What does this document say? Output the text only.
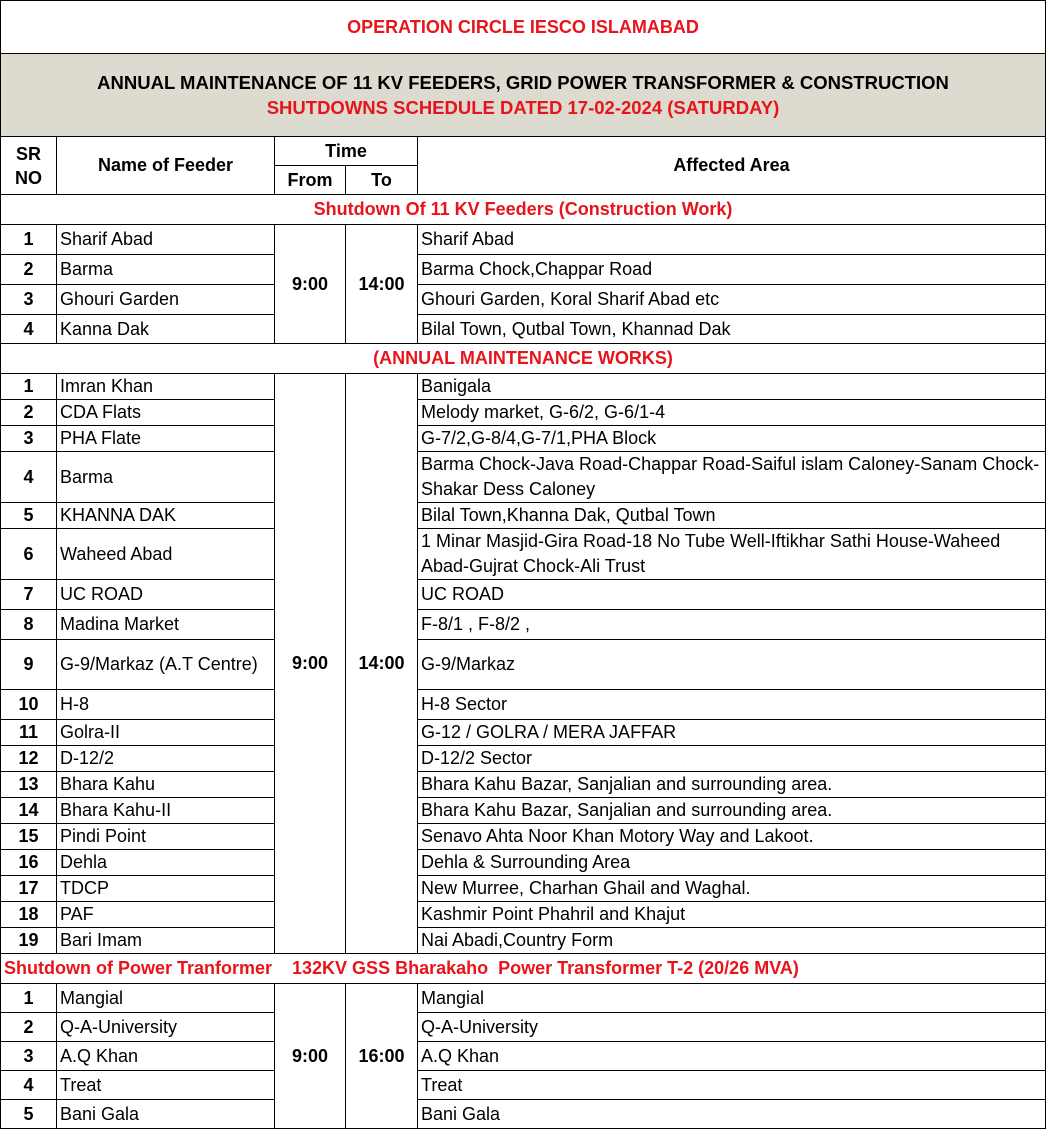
OPERATION CIRCLE IESCO ISLAMABAD				

ANNUAL MAINTENANCE OF 11 KV FEEDERS, GRID POWER TRANSFORMER & CONSTRUCTION
SHUTDOWNS SCHEDULE DATED 17-02-2024 (SATURDAY)				

SR
NO	Name of Feeder	Time		Affected Area
		From	To	
Shutdown Of 11 KV Feeders (Construction Work)				
1	Sharif Abad	9:00	14:00	Sharif Abad
2	Barma			Barma Chock,Chappar Road
3	Ghouri Garden			Ghouri Garden, Koral Sharif Abad etc
4	Kanna Dak			Bilal Town, Qutbal Town, Khannad Dak
(ANNUAL MAINTENANCE WORKS)				
1	Imran Khan	9:00	14:00	Banigala
2	CDA Flats			Melody market, G-6/2, G-6/1-4
3	PHA Flate			G-7/2,G-8/4,G-7/1,PHA Block
4	Barma			Barma Chock-Java Road-Chappar Road-Saiful islam Caloney-Sanam Chock-Shakar Dess Caloney
5	KHANNA DAK			Bilal Town,Khanna Dak, Qutbal Town
6	Waheed Abad			1 Minar Masjid-Gira Road-18 No Tube Well-Iftikhar Sathi House-Waheed Abad-Gujrat Chock-Ali Trust
7	UC ROAD			UC ROAD
8	Madina Market			F-8/1 , F-8/2 ,
9	G-9/Markaz (A.T Centre)			G-9/Markaz
10	H-8			H-8 Sector
11	Golra-II			G-12 / GOLRA / MERA JAFFAR
12	D-12/2			D-12/2 Sector
13	Bhara Kahu			Bhara Kahu Bazar, Sanjalian and surrounding area.
14	Bhara Kahu-II			Bhara Kahu Bazar, Sanjalian and surrounding area.
15	Pindi Point			Senavo Ahta Noor Khan Motory Way and Lakoot.
16	Dehla			Dehla & Surrounding Area
17	TDCP			New Murree, Charhan Ghail and Waghal.
18	PAF			Kashmir Point Phahril and Khajut
19	Bari Imam			Nai Abadi,Country Form
Shutdown of Power Tranformer    132KV GSS Bharakaho  Power Transformer T-2 (20/26 MVA)				
1	Mangial	9:00	16:00	Mangial
2	Q-A-University			Q-A-University
3	A.Q Khan			A.Q Khan
4	Treat			Treat
5	Bani Gala			Bani Gala
